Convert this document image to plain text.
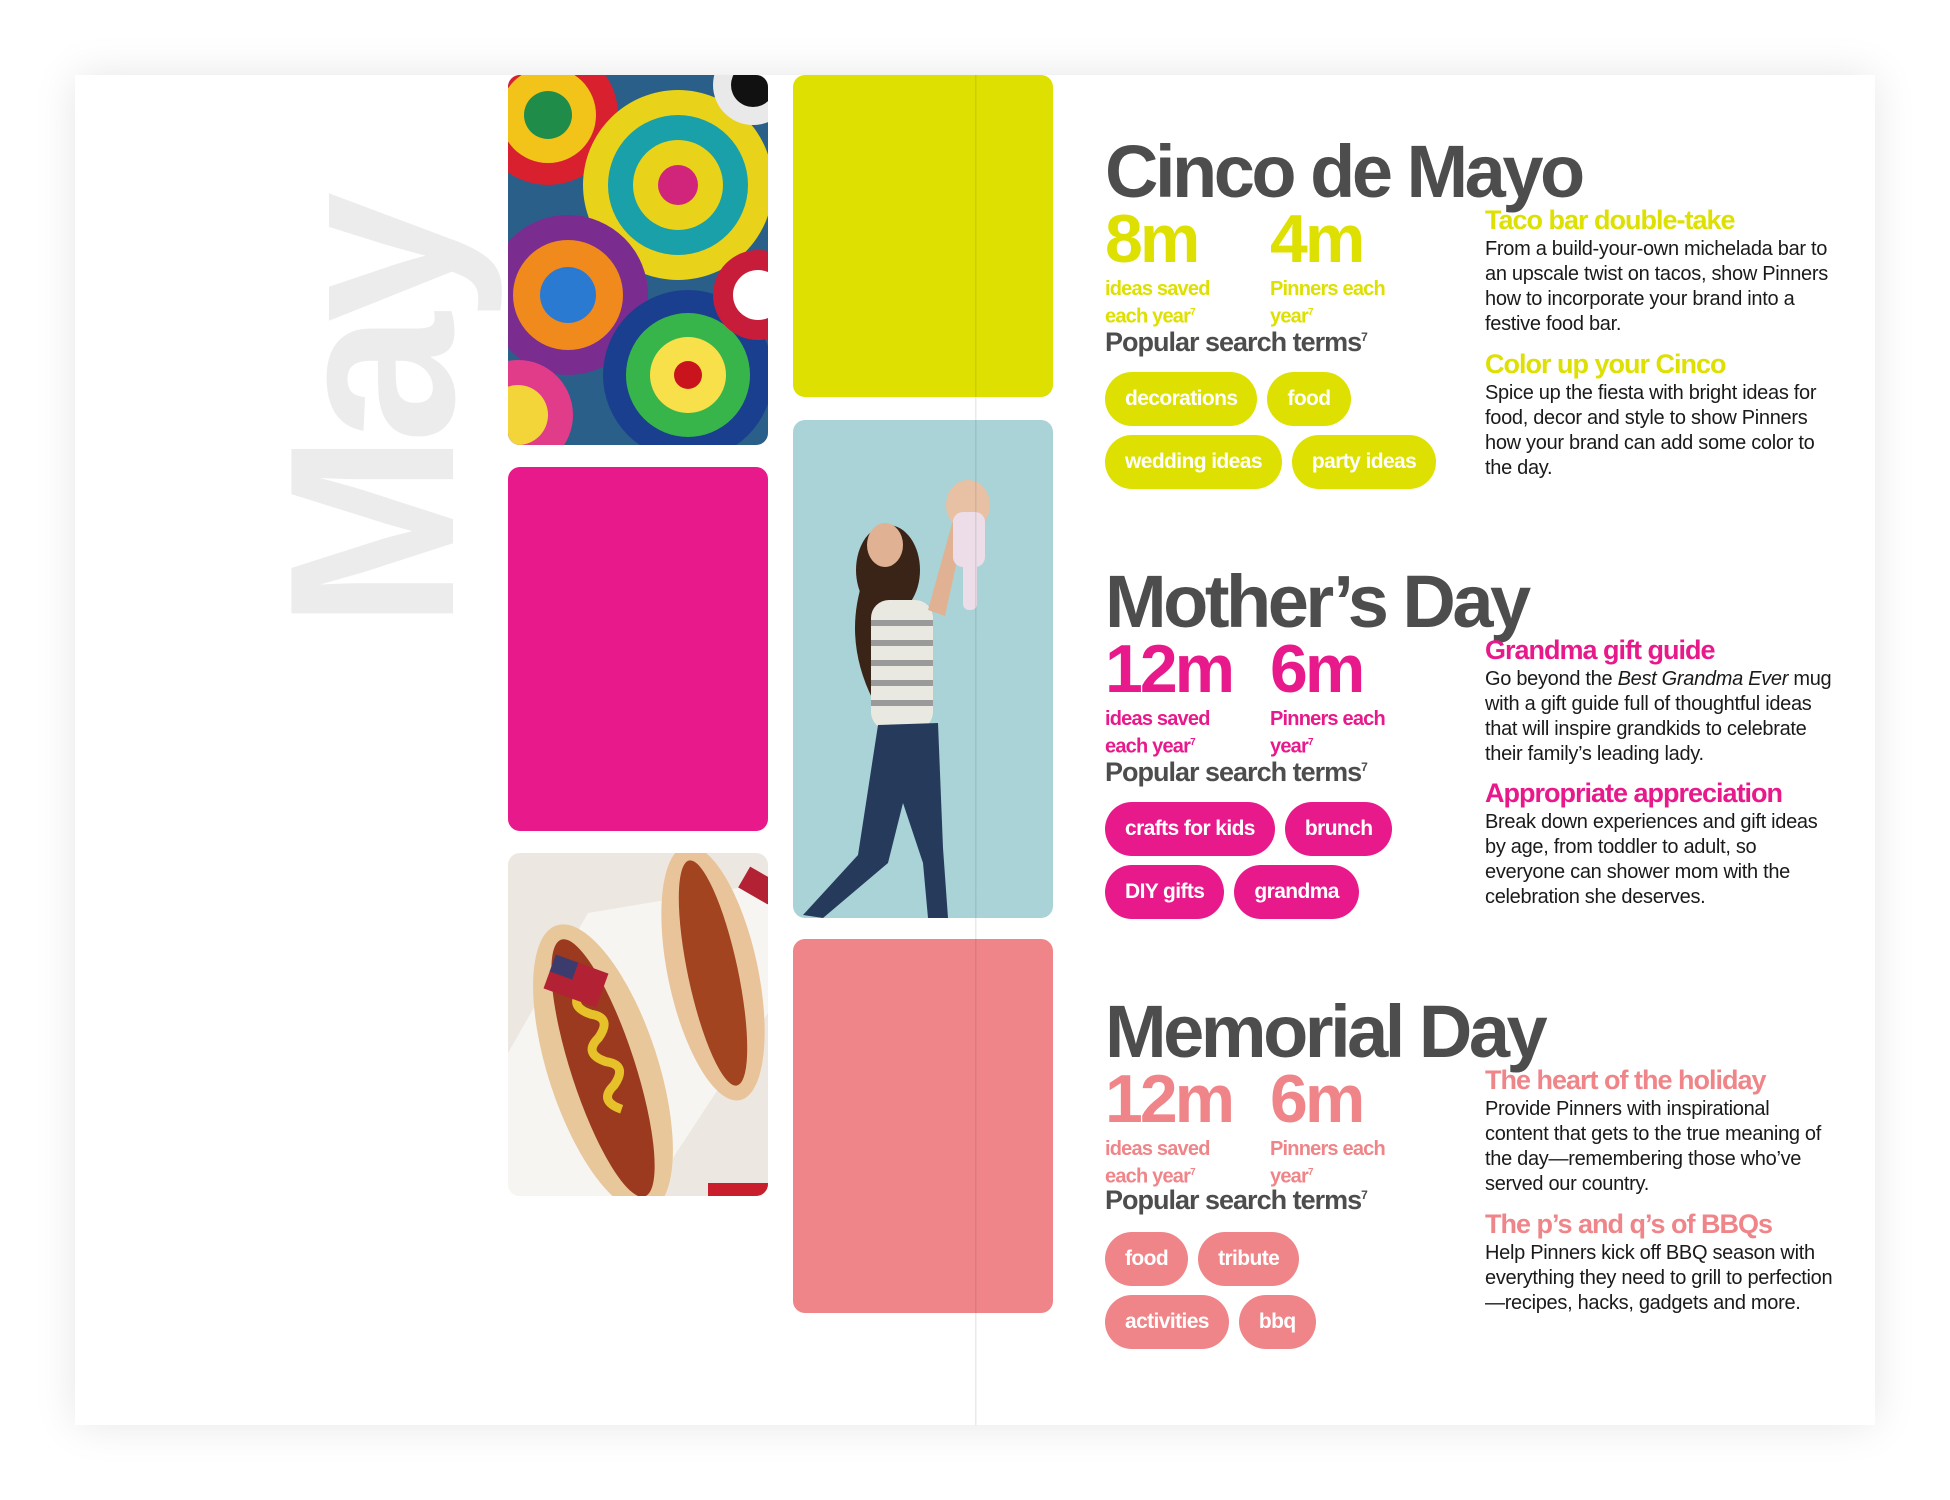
May
Cinco de Mayo
8m
ideas saved
each year$^7$
4m
Pinners each
year$^7$

Popular search terms$^7$

decorations	food
wedding ideas	party ideas
Taco bar double-take

From a build-your-own michelada bar to an upscale twist on tacos, show Pinners how to incorporate your brand into a festive food bar.

Color up your Cinco

Spice up the fiesta with bright ideas for food, decor and style to show Pinners how your brand can add some color to the day.

Mother’s Day
12m
ideas saved
each year$^7$
6m
Pinners each
year$^7$

Popular search terms$^7$

crafts for kids	brunch
DIY gifts	grandma
Grandma gift guide

Go beyond the Best Grandma Ever mug with a gift guide full of thoughtful ideas that will inspire grandkids to celebrate their family’s leading lady.

Appropriate appreciation

Break down experiences and gift ideas by age, from toddler to adult, so everyone can shower mom with the celebration she deserves.

Memorial Day
12m
ideas saved
each year$^7$
6m
Pinners each
year$^7$

Popular search terms$^7$

food	tribute
activities	bbq
The heart of the holiday

Provide Pinners with inspirational content that gets to the true meaning of the day—remembering those who’ve served our country.

The p’s and q’s of BBQs

Help Pinners kick off BBQ season with everything they need to grill to perfection—recipes, hacks, gadgets and more.
